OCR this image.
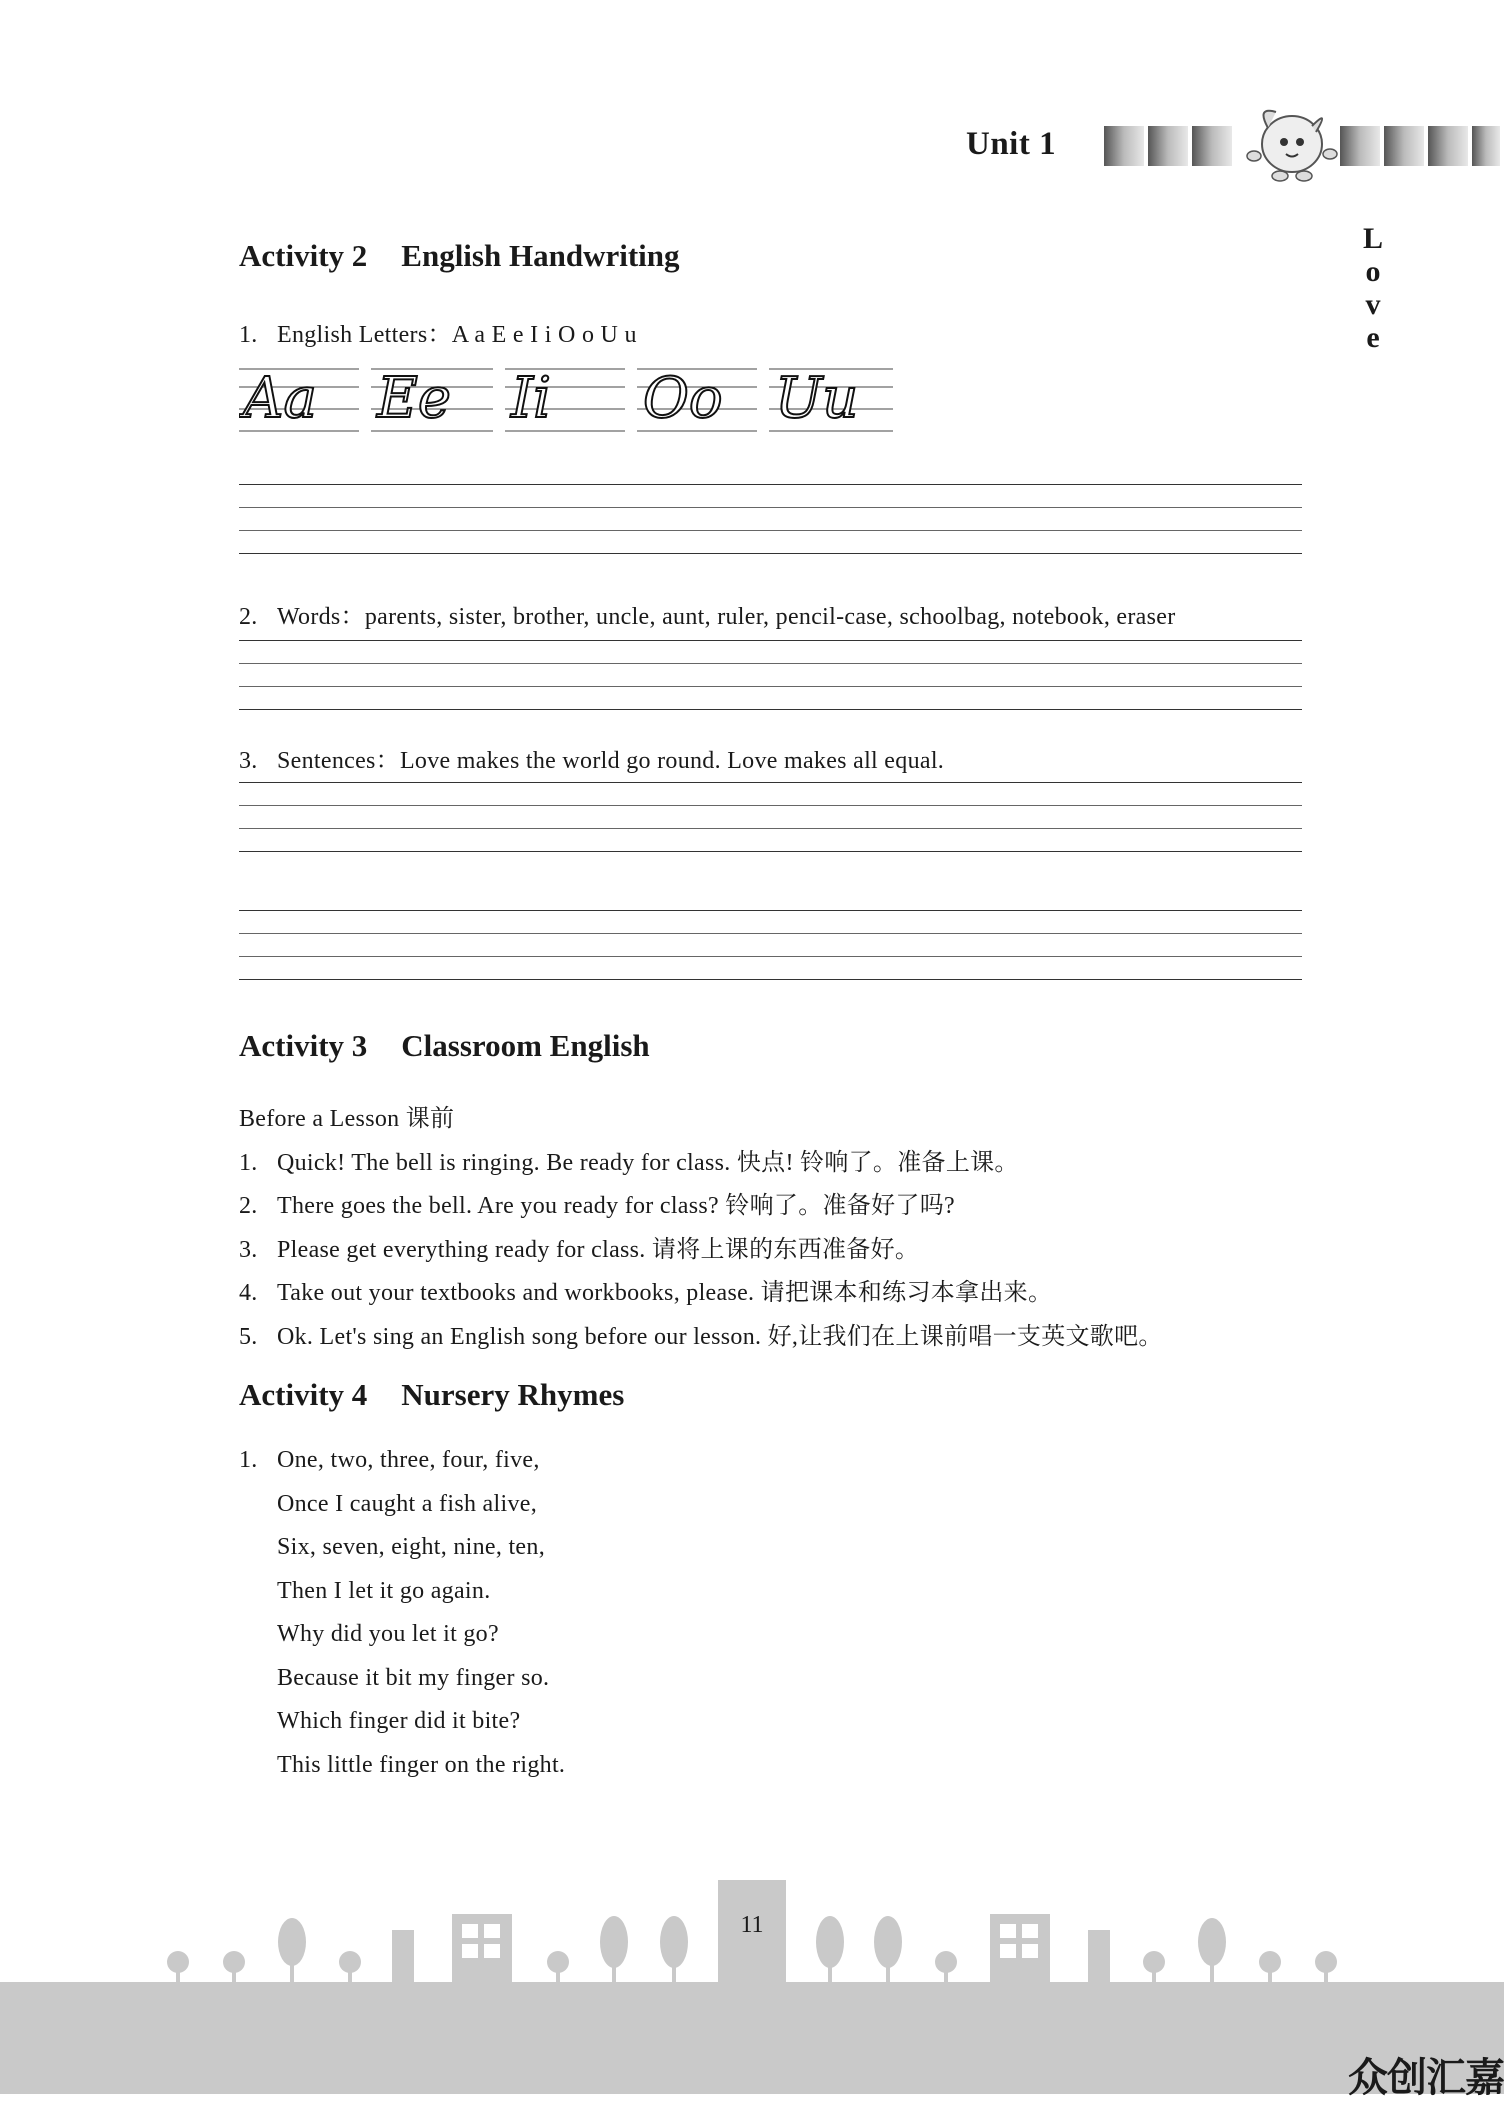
Unit 1
L
o
v
e
Activity 2 English Handwriting
1. English Letters：A a E e I i O o U u
Aa Ee Ii Oo Uu
2. Words：parents, sister, brother, uncle, aunt, ruler, pencil-case, schoolbag, notebook, eraser
3. Sentences：Love makes the world go round. Love makes all equal.
Activity 3 Classroom English
Before a Lesson 课前
1. Quick! The bell is ringing. Be ready for class. 快点! 铃响了。准备上课。
2. There goes the bell. Are you ready for class? 铃响了。准备好了吗?
3. Please get everything ready for class. 请将上课的东西准备好。
4. Take out your textbooks and workbooks, please. 请把课本和练习本拿出来。
5. Ok. Let's sing an English song before our lesson. 好,让我们在上课前唱一支英文歌吧。
Activity 4 Nursery Rhymes
1. One, two, three, four, five,
Once I caught a fish alive,
Six, seven, eight, nine, ten,
Then I let it go again.
Why did you let it go?
Because it bit my finger so.
Which finger did it bite?
This little finger on the right.
11
众创汇嘉
